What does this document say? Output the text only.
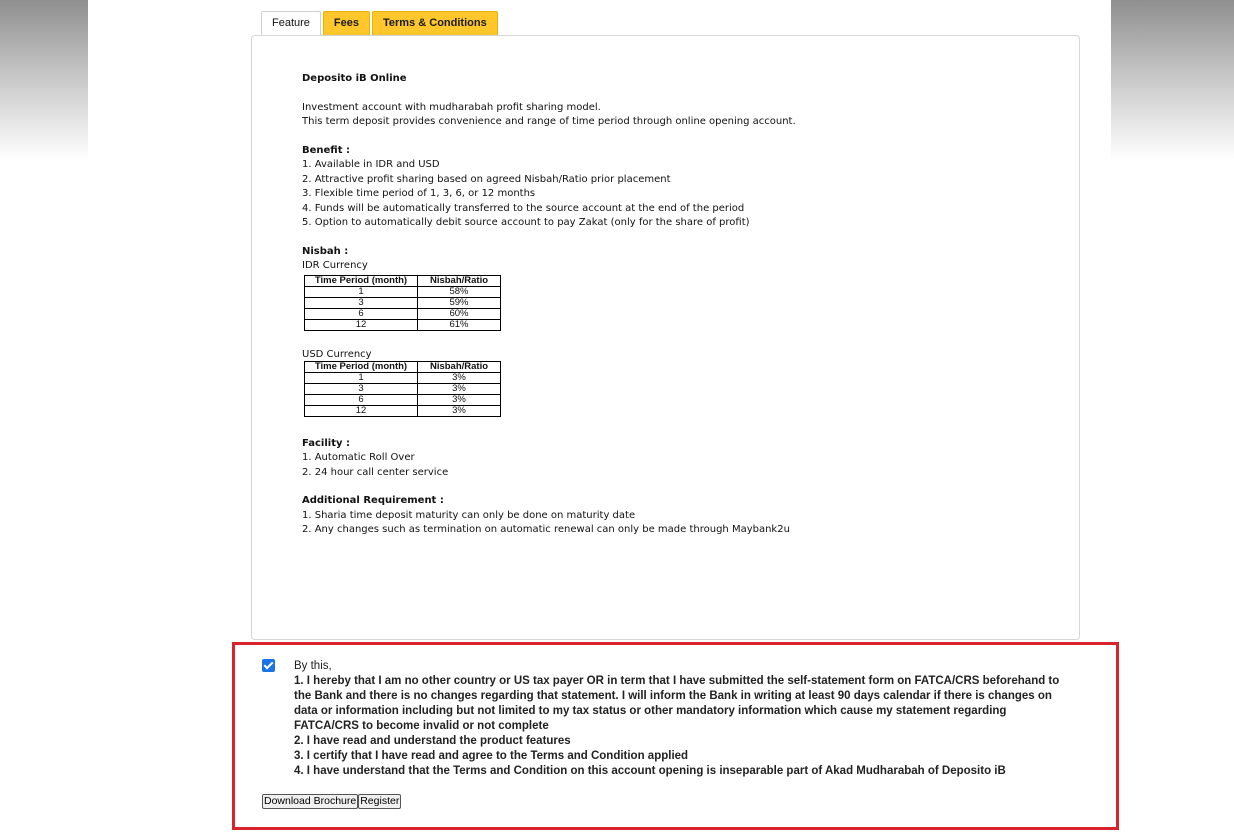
Feature	Fees	Terms & Conditions

Deposito iB Online

Investment account with mudharabah profit sharing model.

This term deposit provides convenience and range of time period through online opening account.

Benefit :

1. Available in IDR and USD

2. Attractive profit sharing based on agreed Nisbah/Ratio prior placement

3. Flexible time period of 1, 3, 6, or 12 months

4. Funds will be automatically transferred to the source account at the end of the period

5. Option to automatically debit source account to pay Zakat (only for the share of profit)

Nisbah :

IDR Currency

Time Period (month)	Nisbah/Ratio
1	58%
3	59%
6	60%
12	61%

USD Currency

Time Period (month)	Nisbah/Ratio
1	3%
3	3%
6	3%
12	3%

Facility :

1. Automatic Roll Over

2. 24 hour call center service

Additional Requirement :

1. Sharia time deposit maturity can only be done on maturity date

2. Any changes such as termination on automatic renewal can only be made through Maybank2u

By this,
1. I hereby that I am no other country or US tax payer OR in term that I have submitted the self-statement form on FATCA/CRS beforehand to the Bank and there is no changes regarding that statement. I will inform the Bank in writing at least 90 days calendar if there is changes on data or information including but not limited to my tax status or other mandatory information which cause my statement regarding FATCA/CRS to become invalid or not complete
2. I have read and understand the product features
3. I certify that I have read and agree to the Terms and Condition applied
4. I have understand that the Terms and Condition on this account opening is inseparable part of Akad Mudharabah of Deposito iB
Download Brochure Register
